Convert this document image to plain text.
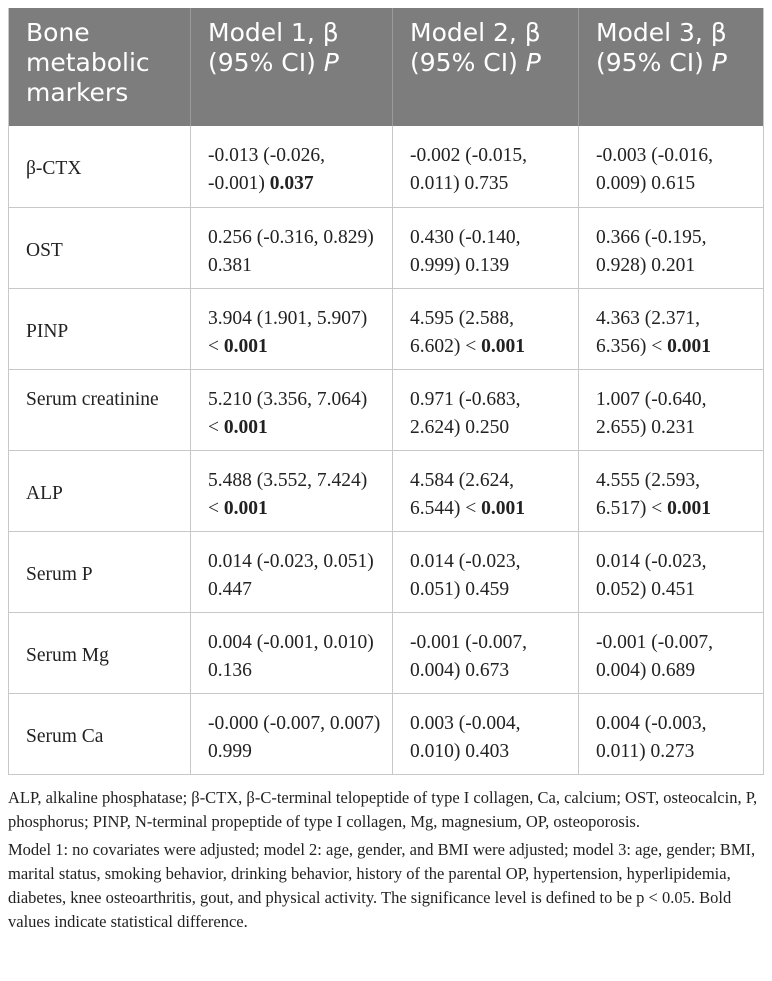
Bone metabolic markers	Model 1, β (95% CI) P	Model 2, β (95% CI) P	Model 3, β (95% CI) P
β-CTX	-0.013 (-0.026, -0.001) 0.037	-0.002 (-0.015, 0.011) 0.735	-0.003 (-0.016, 0.009) 0.615
OST	0.256 (-0.316, 0.829) 0.381	0.430 (-0.140, 0.999) 0.139	0.366 (-0.195, 0.928) 0.201
PINP	3.904 (1.901, 5.907) < 0.001	4.595 (2.588, 6.602) < 0.001	4.363 (2.371, 6.356) < 0.001
Serum creatinine	5.210 (3.356, 7.064) < 0.001	0.971 (-0.683, 2.624) 0.250	1.007 (-0.640, 2.655) 0.231
ALP	5.488 (3.552, 7.424) < 0.001	4.584 (2.624, 6.544) < 0.001	4.555 (2.593, 6.517) < 0.001
Serum P	0.014 (-0.023, 0.051) 0.447	0.014 (-0.023, 0.051) 0.459	0.014 (-0.023, 0.052) 0.451
Serum Mg	0.004 (-0.001, 0.010) 0.136	-0.001 (-0.007, 0.004) 0.673	-0.001 (-0.007, 0.004) 0.689
Serum Ca	-0.000 (-0.007, 0.007) 0.999	0.003 (-0.004, 0.010) 0.403	0.004 (-0.003, 0.011) 0.273

ALP, alkaline phosphatase; β-CTX, β-C-terminal telopeptide of type I collagen, Ca, calcium; OST, osteocalcin, P, phosphorus; PINP, N-terminal propeptide of type I collagen, Mg, magnesium, OP, osteoporosis.

Model 1: no covariates were adjusted; model 2: age, gender, and BMI were adjusted; model 3: age, gender; BMI, marital status, smoking behavior, drinking behavior, history of the parental OP, hypertension, hyperlipidemia, diabetes, knee osteoarthritis, gout, and physical activity. The significance level is defined to be p < 0.05. Bold values indicate statistical difference.
